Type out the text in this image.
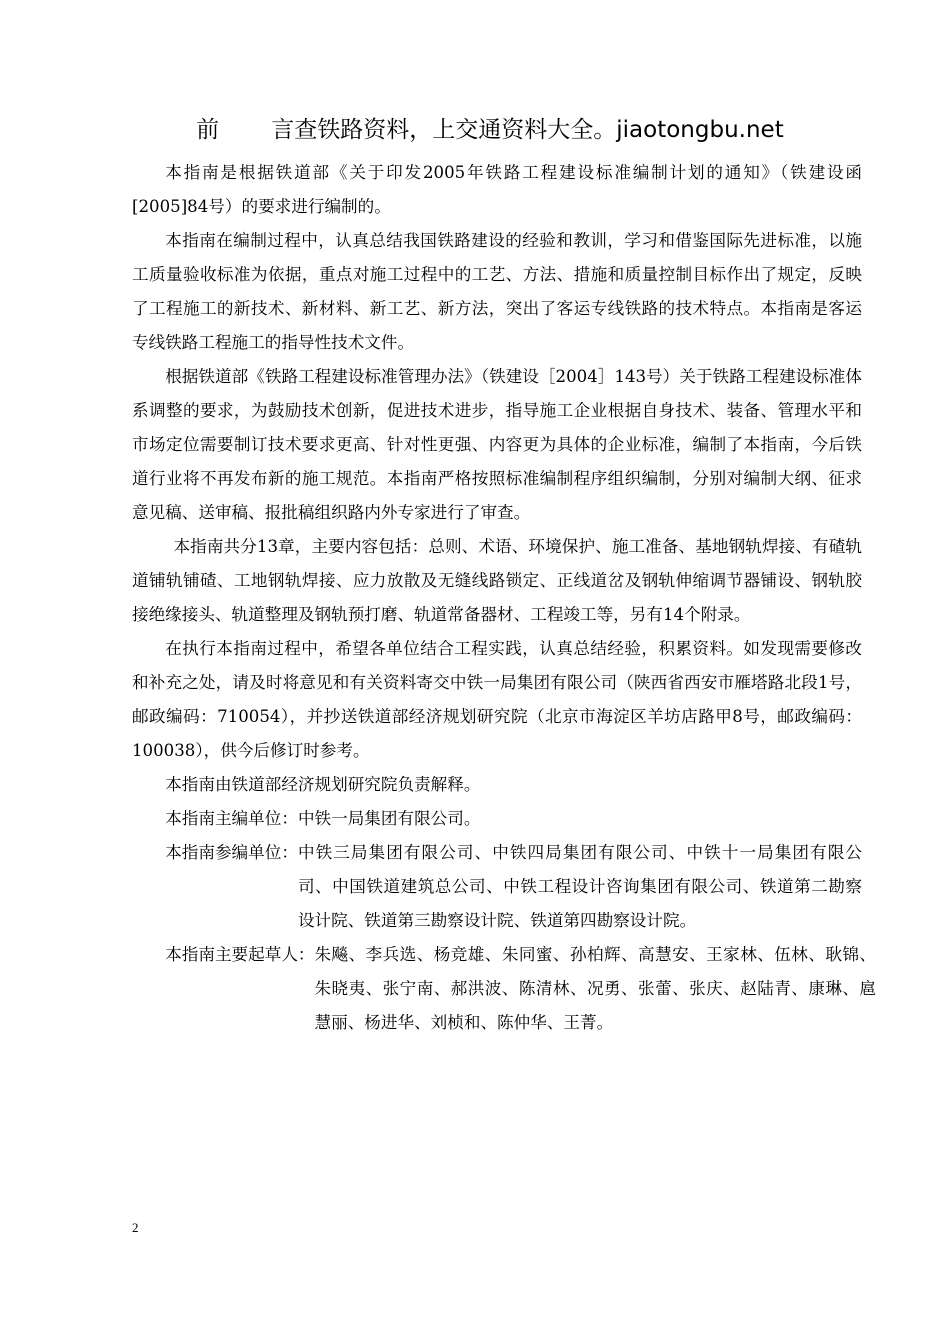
前 言查铁路资料，上交通资料大全。jiaotongbu.net

本指南是根据铁道部《关于印发2005年铁路工程建设标准编制计划的通知》（铁建设函[2005]84号）的要求进行编制的。

本指南在编制过程中，认真总结我国铁路建设的经验和教训，学习和借鉴国际先进标准，以施工质量验收标准为依据，重点对施工过程中的工艺、方法、措施和质量控制目标作出了规定，反映了工程施工的新技术、新材料、新工艺、新方法，突出了客运专线铁路的技术特点。本指南是客运专线铁路工程施工的指导性技术文件。

根据铁道部《铁路工程建设标准管理办法》（铁建设［2004］143号）关于铁路工程建设标准体系调整的要求，为鼓励技术创新，促进技术进步，指导施工企业根据自身技术、装备、管理水平和市场定位需要制订技术要求更高、针对性更强、内容更为具体的企业标准，编制了本指南，今后铁道行业将不再发布新的施工规范。本指南严格按照标准编制程序组织编制，分别对编制大纲、征求意见稿、送审稿、报批稿组织路内外专家进行了审查。

本指南共分13章，主要内容包括：总则、术语、环境保护、施工准备、基地钢轨焊接、有碴轨道铺轨铺碴、工地钢轨焊接、应力放散及无缝线路锁定、正线道岔及钢轨伸缩调节器铺设、钢轨胶接绝缘接头、轨道整理及钢轨预打磨、轨道常备器材、工程竣工等，另有14个附录。

在执行本指南过程中，希望各单位结合工程实践，认真总结经验，积累资料。如发现需要修改和补充之处，请及时将意见和有关资料寄交中铁一局集团有限公司（陕西省西安市雁塔路北段1号，邮政编码：710054），并抄送铁道部经济规划研究院（北京市海淀区羊坊店路甲8号，邮政编码：100038），供今后修订时参考。

本指南由铁道部经济规划研究院负责解释。

本指南主编单位： 中铁一局集团有限公司。
本指南参编单位： 中铁三局集团有限公司、中铁四局集团有限公司、中铁十一局集团有限公司、中国铁道建筑总公司、中铁工程设计咨询集团有限公司、铁道第二勘察设计院、铁道第三勘察设计院、铁道第四勘察设计院。
本指南主要起草人： 朱飚、李兵选、杨竞雄、朱同蜜、孙柏辉、高慧安、王家林、伍林、耿锦、朱晓夷、张宁南、郝洪波、陈清林、况勇、张蕾、张庆、赵陆青、康琳、扈慧丽、杨进华、刘桢和、陈仲华、王菁。
2
